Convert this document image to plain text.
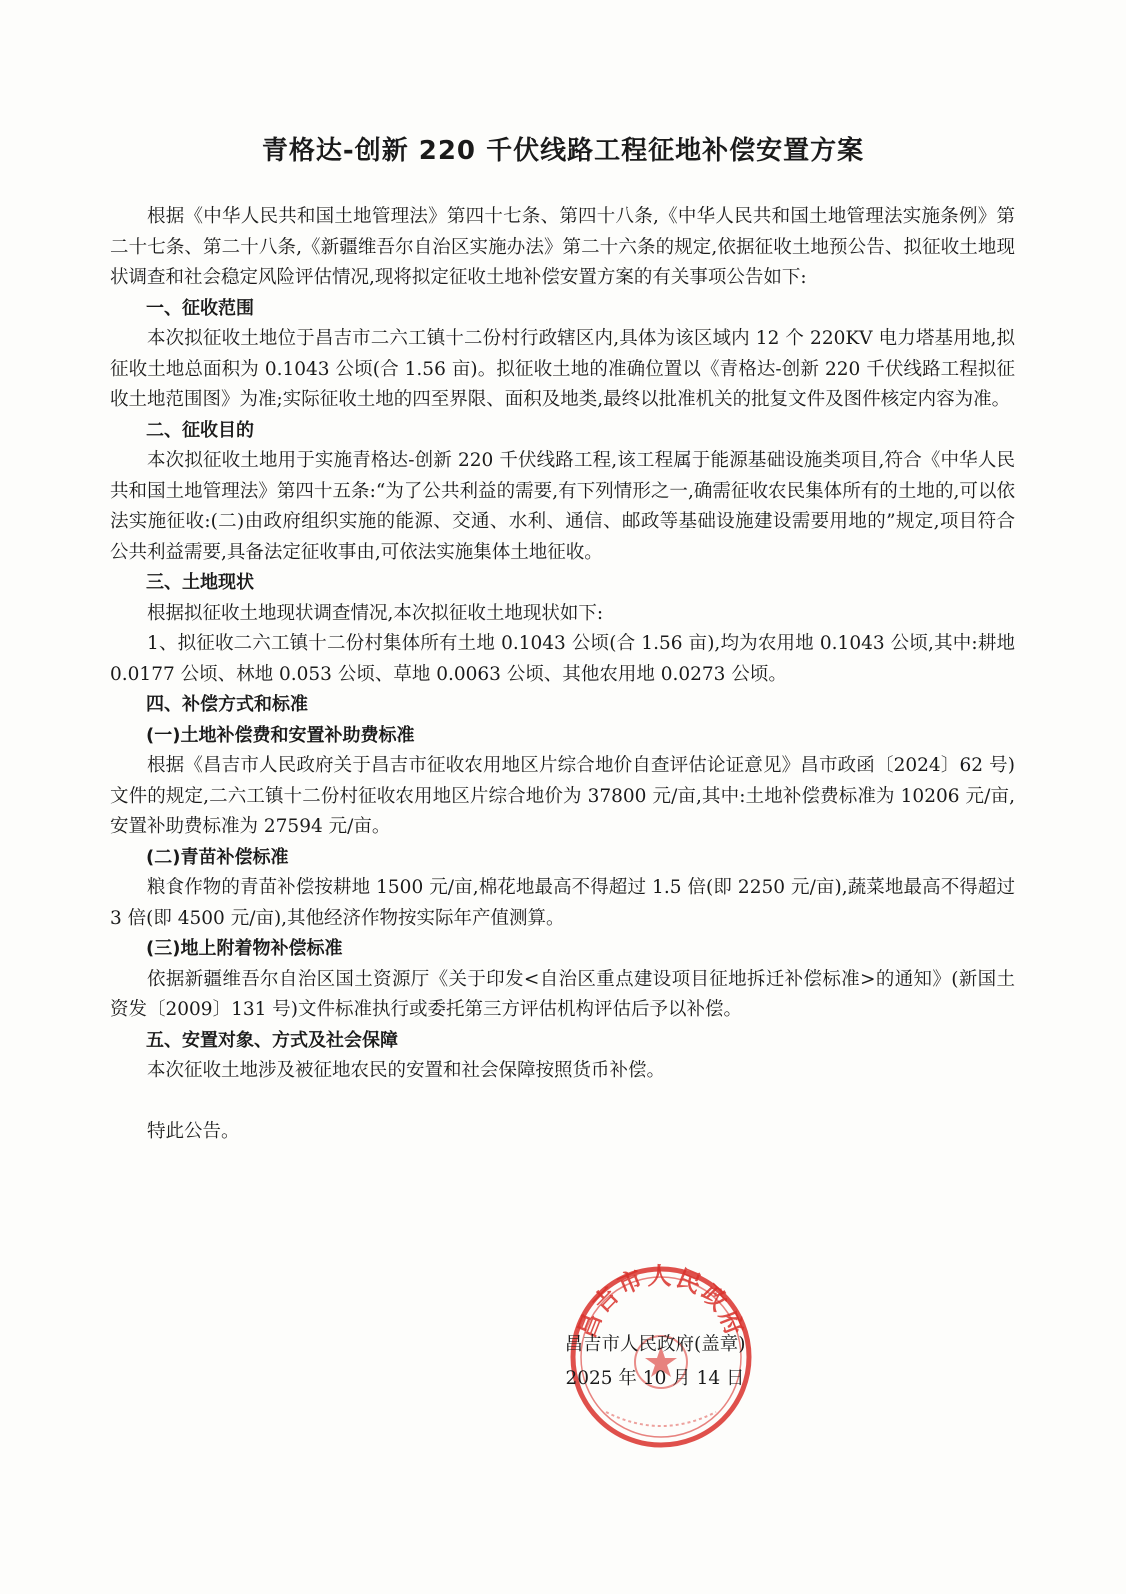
青格达-创新 220 千伏线路工程征地补偿安置方案

根据《中华人民共和国土地管理法》第四十七条、第四十八条,《中华人民共和国土地管理法实施条例》第二十七条、第二十八条,《新疆维吾尔自治区实施办法》第二十六条的规定,依据征收土地预公告、拟征收土地现状调查和社会稳定风险评估情况,现将拟定征收土地补偿安置方案的有关事项公告如下:

一、征收范围

本次拟征收土地位于昌吉市二六工镇十二份村行政辖区内,具体为该区域内 12 个 220KV 电力塔基用地,拟征收土地总面积为 0.1043 公顷(合 1.56 亩)。拟征收土地的准确位置以《青格达-创新 220 千伏线路工程拟征收土地范围图》为准;实际征收土地的四至界限、面积及地类,最终以批准机关的批复文件及图件核定内容为准。

二、征收目的

本次拟征收土地用于实施青格达-创新 220 千伏线路工程,该工程属于能源基础设施类项目,符合《中华人民共和国土地管理法》第四十五条:“为了公共利益的需要,有下列情形之一,确需征收农民集体所有的土地的,可以依法实施征收:(二)由政府组织实施的能源、交通、水利、通信、邮政等基础设施建设需要用地的”规定,项目符合公共利益需要,具备法定征收事由,可依法实施集体土地征收。

三、土地现状

根据拟征收土地现状调查情况,本次拟征收土地现状如下:

1、拟征收二六工镇十二份村集体所有土地 0.1043 公顷(合 1.56 亩),均为农用地 0.1043 公顷,其中:耕地 0.0177 公顷、林地 0.053 公顷、草地 0.0063 公顷、其他农用地 0.0273 公顷。

四、补偿方式和标准

(一)土地补偿费和安置补助费标准

根据《昌吉市人民政府关于昌吉市征收农用地区片综合地价自查评估论证意见》昌市政函〔2024〕62 号)文件的规定,二六工镇十二份村征收农用地区片综合地价为 37800 元/亩,其中:土地补偿费标准为 10206 元/亩,安置补助费标准为 27594 元/亩。

(二)青苗补偿标准

粮食作物的青苗补偿按耕地 1500 元/亩,棉花地最高不得超过 1.5 倍(即 2250 元/亩),蔬菜地最高不得超过 3 倍(即 4500 元/亩),其他经济作物按实际年产值测算。

(三)地上附着物补偿标准

依据新疆维吾尔自治区国土资源厅《关于印发<自治区重点建设项目征地拆迁补偿标准>的通知》(新国土资发〔2009〕131 号)文件标准执行或委托第三方评估机构评估后予以补偿。

五、安置对象、方式及社会保障

本次征收土地涉及被征地农民的安置和社会保障按照货币补偿。

特此公告。

昌吉市人民政府
昌吉市人民政府(盖章)
2025 年 10 月 14 日
